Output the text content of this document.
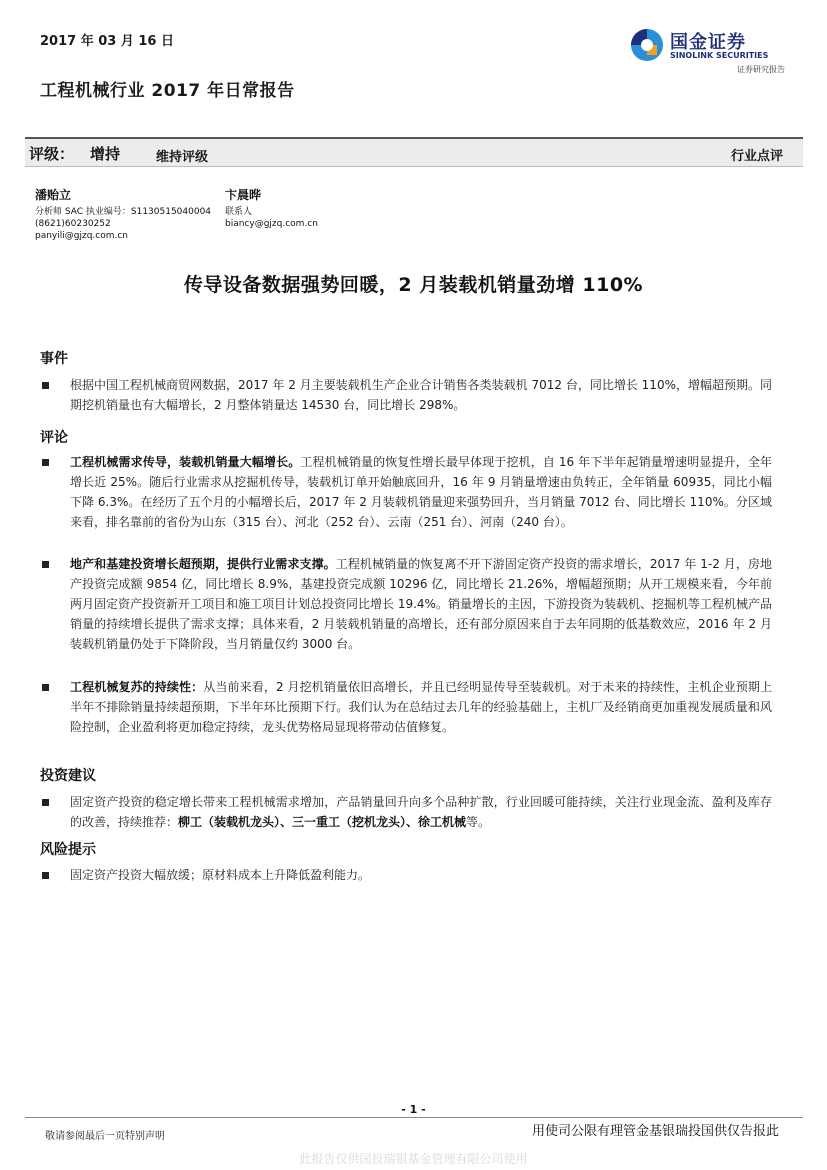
2017 年 03 月 16 日
工程机械行业 2017 年日常报告
国金证券
SINOLINK SECURITIES
证券研究报告
评级： 增持	维持评级	行业点评
潘贻立
分析师 SAC 执业编号：S1130515040004
(8621)60230252
panyili@gjzq.com.cn
卞晨晔
联系人
biancy@gjzq.com.cn
传导设备数据强势回暖，2 月装载机销量劲增 110%
事件
根据中国工程机械商贸网数据，2017 年 2 月主要装载机生产企业合计销售各类装载机 7012 台，同比增长 110%，增幅超预期。同期挖机销量也有大幅增长，2 月整体销量达 14530 台，同比增长 298%。
评论
工程机械需求传导，装载机销量大幅增长。工程机械销量的恢复性增长最早体现于挖机，自 16 年下半年起销量增速明显提升，全年增长近 25%。随后行业需求从挖掘机传导，装载机订单开始触底回升，16 年 9 月销量增速由负转正，全年销量 60935，同比小幅下降 6.3%。在经历了五个月的小幅增长后，2017 年 2 月装载机销量迎来强势回升，当月销量 7012 台、同比增长 110%。分区域来看，排名靠前的省份为山东（315 台）、河北（252 台）、云南（251 台）、河南（240 台）。
地产和基建投资增长超预期，提供行业需求支撑。工程机械销量的恢复离不开下游固定资产投资的需求增长，2017 年 1-2 月，房地产投资完成额 9854 亿，同比增长 8.9%，基建投资完成额 10296 亿，同比增长 21.26%，增幅超预期；从开工规模来看，今年前两月固定资产投资新开工项目和施工项目计划总投资同比增长 19.4%。销量增长的主因，下游投资为装载机、挖掘机等工程机械产品销量的持续增长提供了需求支撑；具体来看，2 月装载机销量的高增长，还有部分原因来自于去年同期的低基数效应，2016 年 2 月装载机销量仍处于下降阶段，当月销量仅约 3000 台。
工程机械复苏的持续性：从当前来看，2 月挖机销量依旧高增长，并且已经明显传导至装载机。对于未来的持续性，主机企业预期上半年不排除销量持续超预期，下半年环比预期下行。我们认为在总结过去几年的经验基础上，主机厂及经销商更加重视发展质量和风险控制，企业盈利将更加稳定持续，龙头优势格局显现将带动估值修复。
投资建议
固定资产投资的稳定增长带来工程机械需求增加，产品销量回升向多个品种扩散，行业回暖可能持续，关注行业现金流、盈利及库存的改善，持续推荐：柳工（装载机龙头）、三一重工（挖机龙头）、徐工机械等。
风险提示
固定资产投资大幅放缓；原材料成本上升降低盈利能力。
- 1 -
敬请参阅最后一页特别声明	用使司公限有理管金基银瑞投国供仅告报此
此报告仅供国投瑞银基金管理有限公司使用
